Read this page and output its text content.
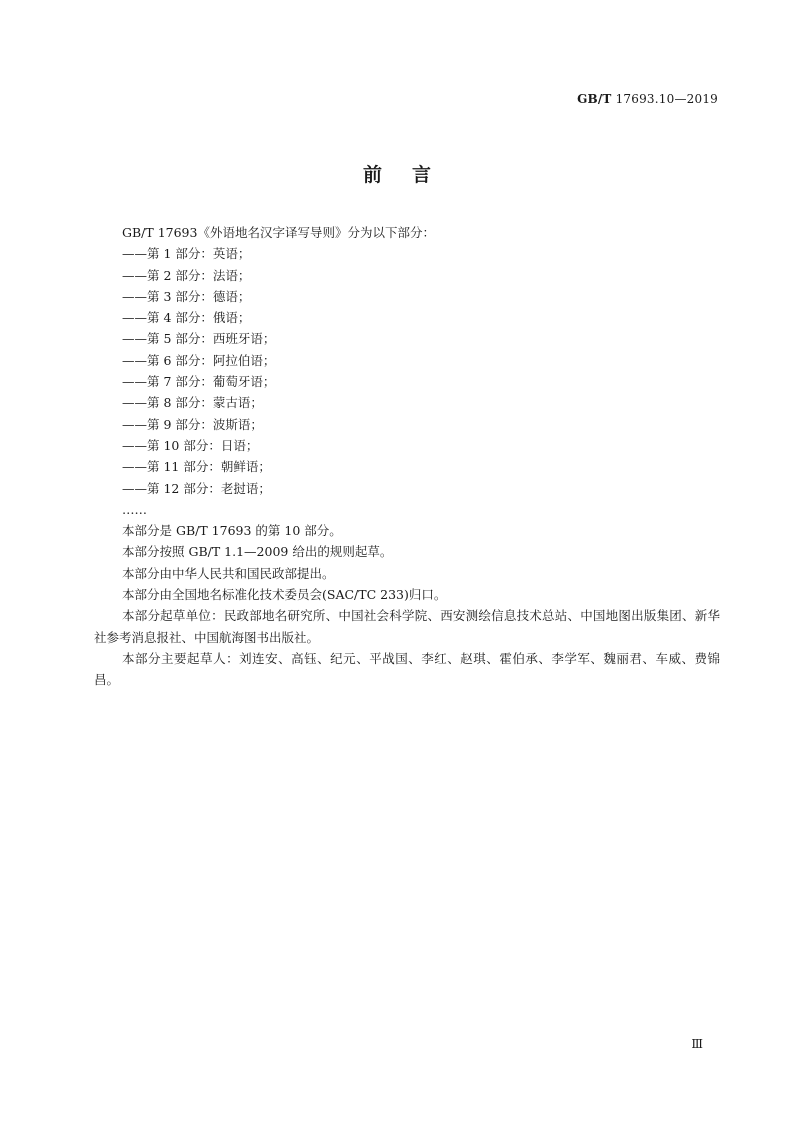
GB/T 17693.10—2019
前言

GB/T 17693《外语地名汉字译写导则》分为以下部分：

——第 1 部分：英语；

——第 2 部分：法语；

——第 3 部分：德语；

——第 4 部分：俄语；

——第 5 部分：西班牙语；

——第 6 部分：阿拉伯语；

——第 7 部分：葡萄牙语；

——第 8 部分：蒙古语；

——第 9 部分：波斯语；

——第 10 部分：日语；

——第 11 部分：朝鲜语；

——第 12 部分：老挝语；

……

本部分是 GB/T 17693 的第 10 部分。

本部分按照 GB/T 1.1—2009 给出的规则起草。

本部分由中华人民共和国民政部提出。

本部分由全国地名标准化技术委员会(SAC/TC 233)归口。

本部分起草单位：民政部地名研究所、中国社会科学院、西安测绘信息技术总站、中国地图出版集团、新华社参考消息报社、中国航海图书出版社。

本部分主要起草人：刘连安、高钰、纪元、平战国、李红、赵琪、霍伯承、李学军、魏丽君、车威、费锦昌。

Ⅲ
